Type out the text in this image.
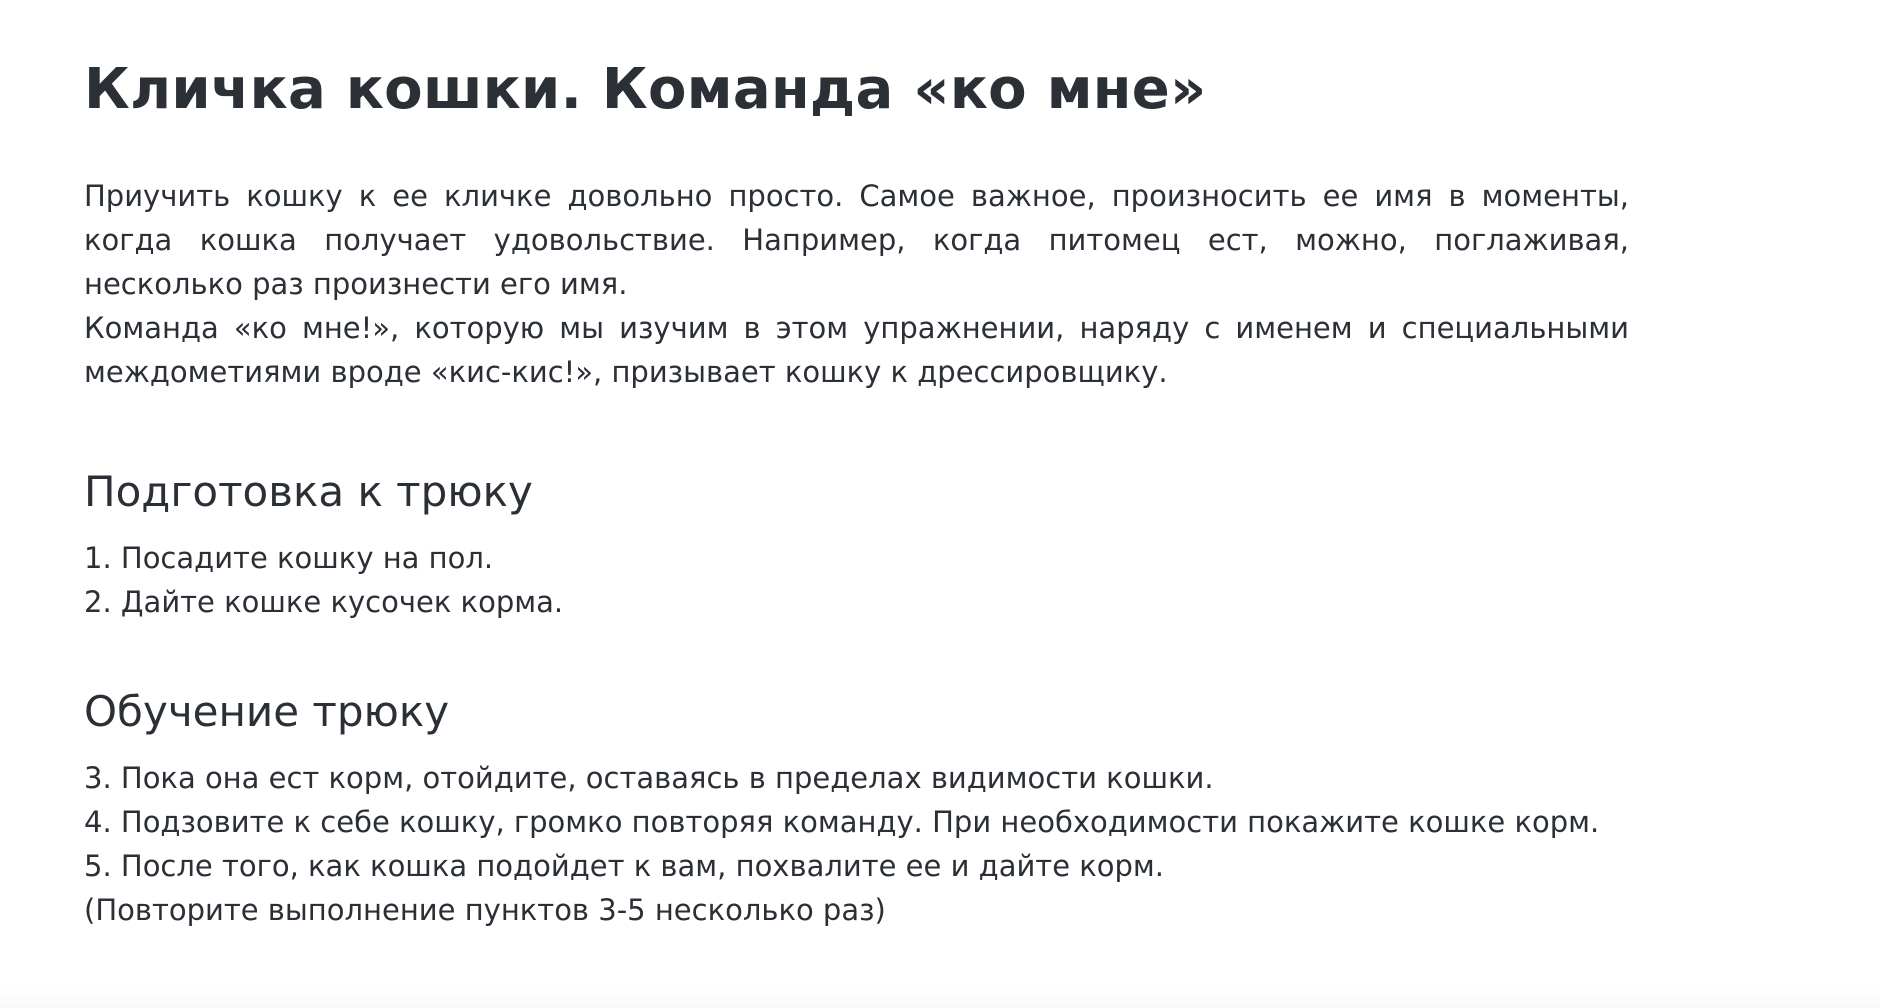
Кличка кошки. Команда «ко мне»

Приучить кошку к ее кличке довольно просто. Самое важное, произносить ее имя в моменты, когда кошка получает удовольствие. Например, когда питомец ест, можно, поглаживая, несколько раз произнести его имя.

Команда «ко мне!», которую мы изучим в этом упражнении, наряду с именем и специальными междометиями вроде «кис-кис!», призывает кошку к дрессировщику.

Подготовка к трюку

1. Посадите кошку на пол.

2. Дайте кошке кусочек корма.

Обучение трюку

3. Пока она ест корм, отойдите, оставаясь в пределах видимости кошки.

4. Подзовите к себе кошку, громко повторяя команду. При необходимости покажите кошке корм.

5. После того, как кошка подойдет к вам, похвалите ее и дайте корм.

(Повторите выполнение пунктов 3-5 несколько раз)
